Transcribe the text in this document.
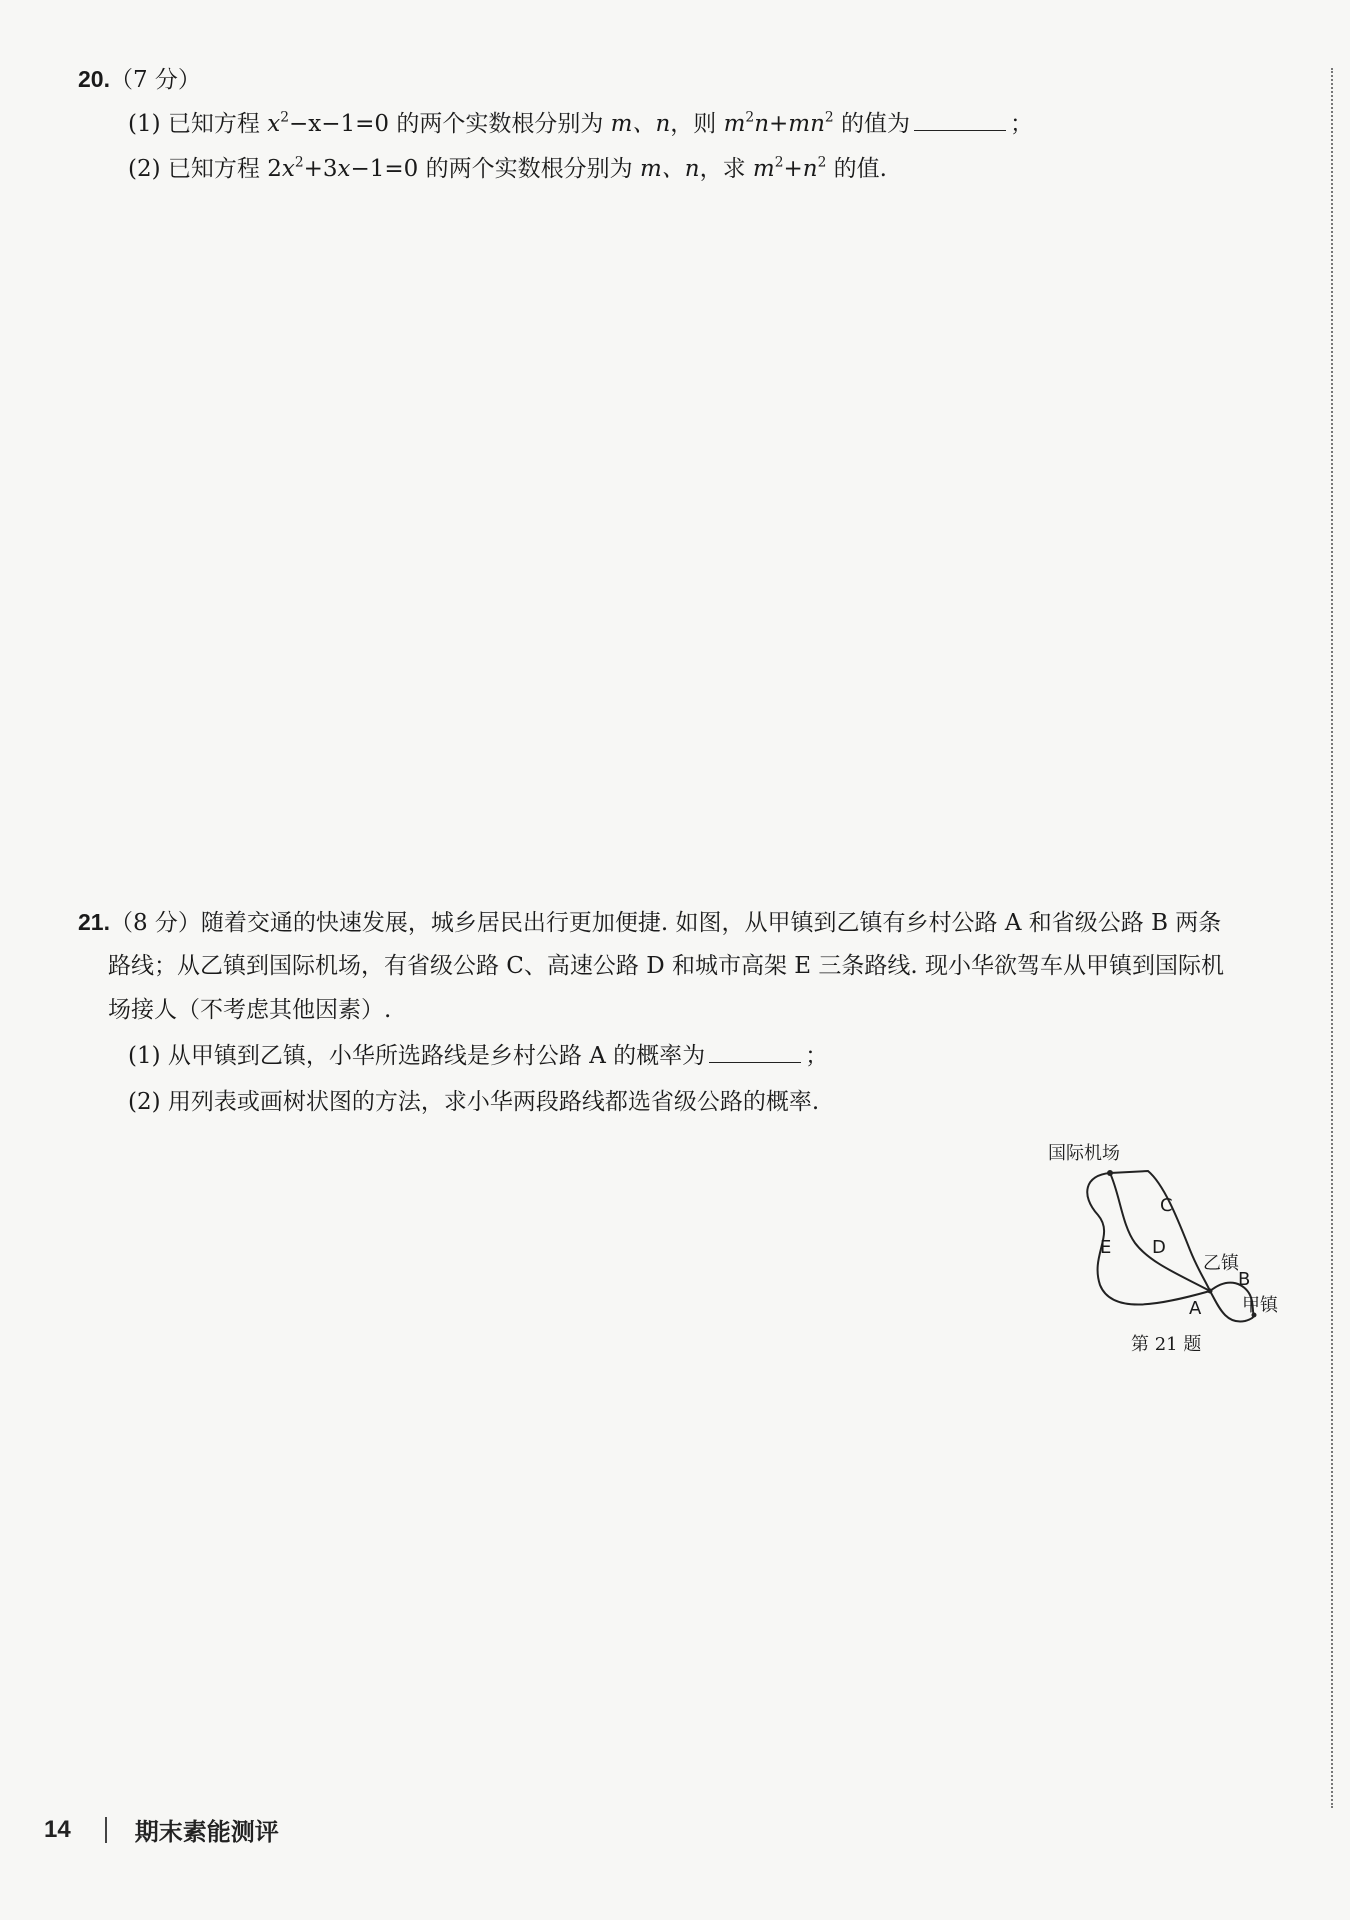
20.（7 分）
(1) 已知方程 $x^2-x-1=0$ 的两个实数根分别为 m、n，则 $m^2n+mn^2$ 的值为	；
(2) 已知方程 $2x^2+3x-1=0$ 的两个实数根分别为 m、n，求 $m^2+n^2$ 的值.
21.（8 分）随着交通的快速发展，城乡居民出行更加便捷. 如图，从甲镇到乙镇有乡村公路 A 和省级公路 B 两条
路线；从乙镇到国际机场，有省级公路 C、高速公路 D 和城市高架 E 三条路线. 现小华欲驾车从甲镇到国际机
场接人（不考虑其他因素）.
(1) 从甲镇到乙镇，小华所选路线是乡村公路 A 的概率为	；
(2) 用列表或画树状图的方法，求小华两段路线都选省级公路的概率.
国际机场
C
E D
乙镇
B
甲镇
A
第 21 题
14	期末素能测评
